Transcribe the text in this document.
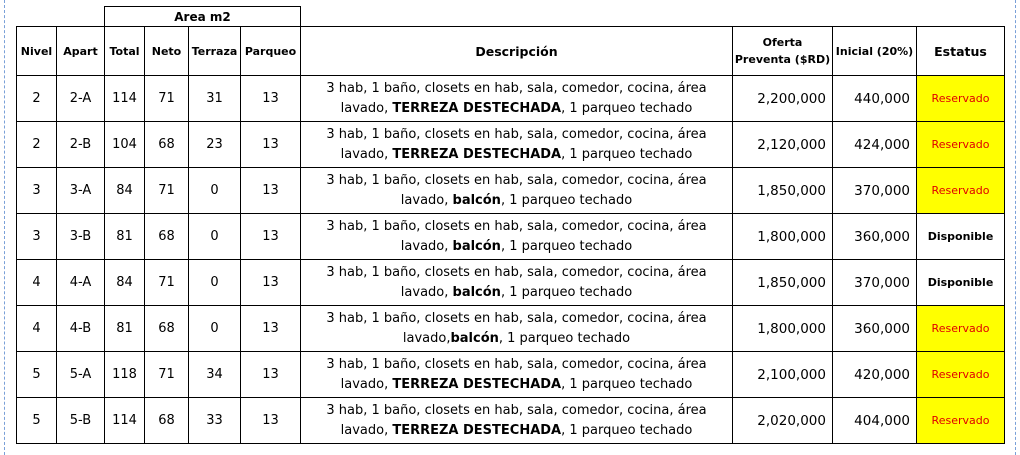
		Area m2							
Nivel	Apart	Total	Neto	Terraza	Parqueo	Descripción	Oferta
Preventa ($RD)	Inicial (20%)	Estatus
2	2-A	114	71	31	13	3 hab, 1 baño, closets en hab, sala, comedor, cocina, área
lavado, TERREZA DESTECHADA, 1 parqueo techado	2,200,000	440,000	Reservado
2	2-B	104	68	23	13	3 hab, 1 baño, closets en hab, sala, comedor, cocina, área
lavado, TERREZA DESTECHADA, 1 parqueo techado	2,120,000	424,000	Reservado
3	3-A	84	71	0	13	3 hab, 1 baño, closets en hab, sala, comedor, cocina, área
lavado, balcón, 1 parqueo techado	1,850,000	370,000	Reservado
3	3-B	81	68	0	13	3 hab, 1 baño, closets en hab, sala, comedor, cocina, área
lavado, balcón, 1 parqueo techado	1,800,000	360,000	Disponible
4	4-A	84	71	0	13	3 hab, 1 baño, closets en hab, sala, comedor, cocina, área
lavado, balcón, 1 parqueo techado	1,850,000	370,000	Disponible
4	4-B	81	68	0	13	3 hab, 1 baño, closets en hab, sala, comedor, cocina, área
lavado,balcón, 1 parqueo techado	1,800,000	360,000	Reservado
5	5-A	118	71	34	13	3 hab, 1 baño, closets en hab, sala, comedor, cocina, área
lavado, TERREZA DESTECHADA, 1 parqueo techado	2,100,000	420,000	Reservado
5	5-B	114	68	33	13	3 hab, 1 baño, closets en hab, sala, comedor, cocina, área
lavado, TERREZA DESTECHADA, 1 parqueo techado	2,020,000	404,000	Reservado
